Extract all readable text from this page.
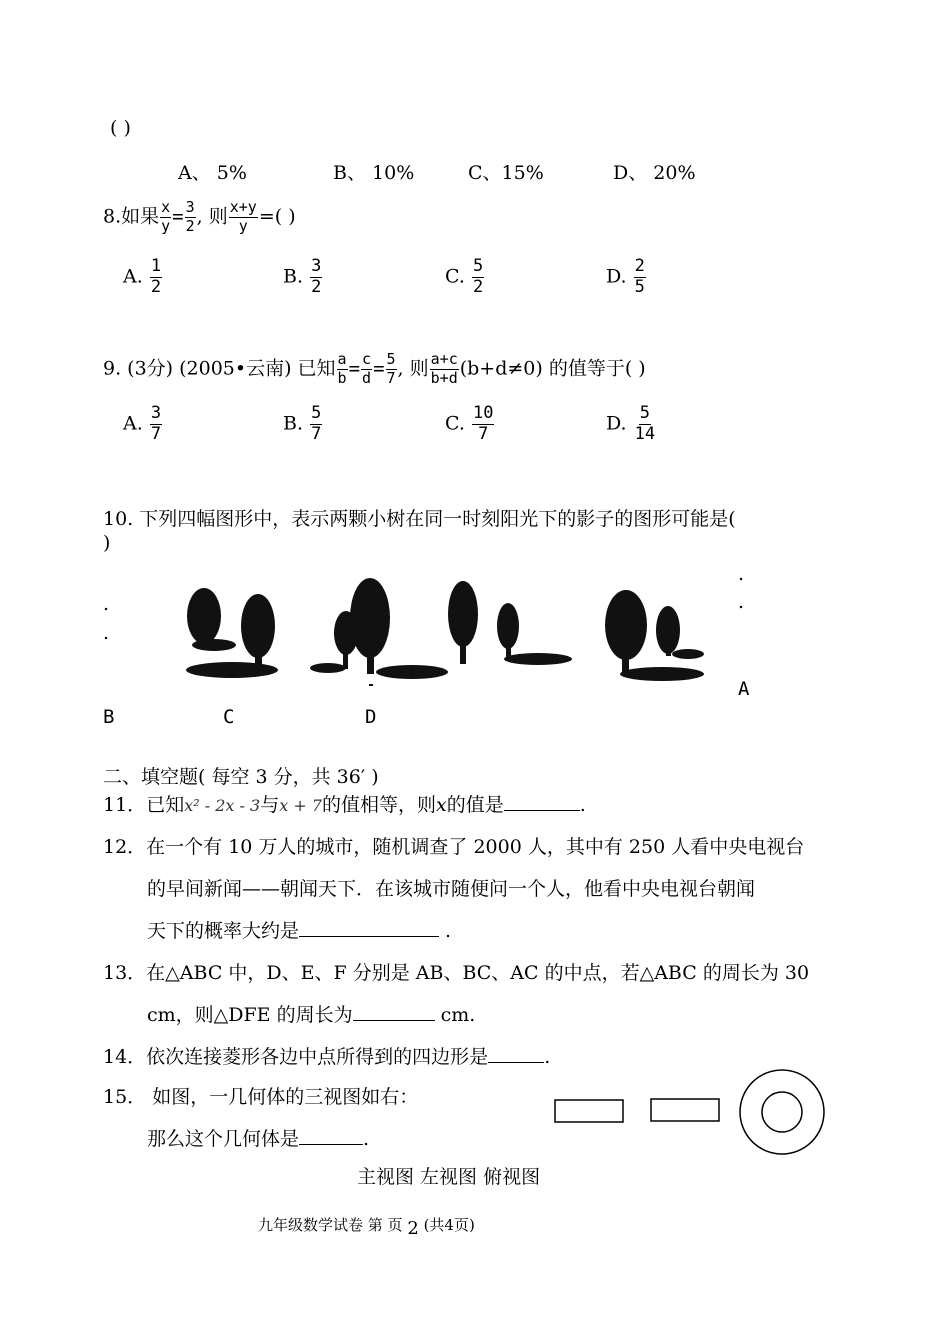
( )
A、 5%	B、 10%	C、15%	D、 20%
8.如果 $\frac{x}{y} = \frac{3}{2}$ , 则 $\frac{x+y}{y}$ =( )
A. $\frac{1}{2}$	B. $\frac{3}{2}$	C. $\frac{5}{2}$	D. $\frac{2}{5}$
9. (3分) (2005•云南) 已知 $\frac{a}{b} = \frac{c}{d} = \frac{5}{7}$ , 则 $\frac{a+c}{b+d} (b+d\ne 0)$ 的值等于( )
A. $\frac{3}{7}$	B. $\frac{5}{7}$	C. $\frac{10}{7}$	D. $\frac{5}{14}$
10. 下列四幅图形中，表示两颗小树在同一时刻阳光下的影子的图形可能是(
)
.
.
.
.
A
B	C	D
二、填空题( 每空 3 分，共 36′ )
11．已知x² - 2x - 3与x + 7的值相等，则x的值是	.
12．在一个有 10 万人的城市，随机调查了 2000 人，其中有 250 人看中央电视台
的早间新闻——朝闻天下．在该城市随便问一个人，他看中央电视台朝闻
天下的概率大约是	.
13．在△ABC 中，D、E、F 分别是 AB、BC、AC 的中点，若△ABC 的周长为 30
cm，则△DFE 的周长为	cm.
14．依次连接菱形各边中点所得到的四边形是	.
15． 如图，一几何体的三视图如右：
那么这个几何体是	.
主视图 左视图 俯视图
九年级数学试卷 第 页 2 (共4页)
